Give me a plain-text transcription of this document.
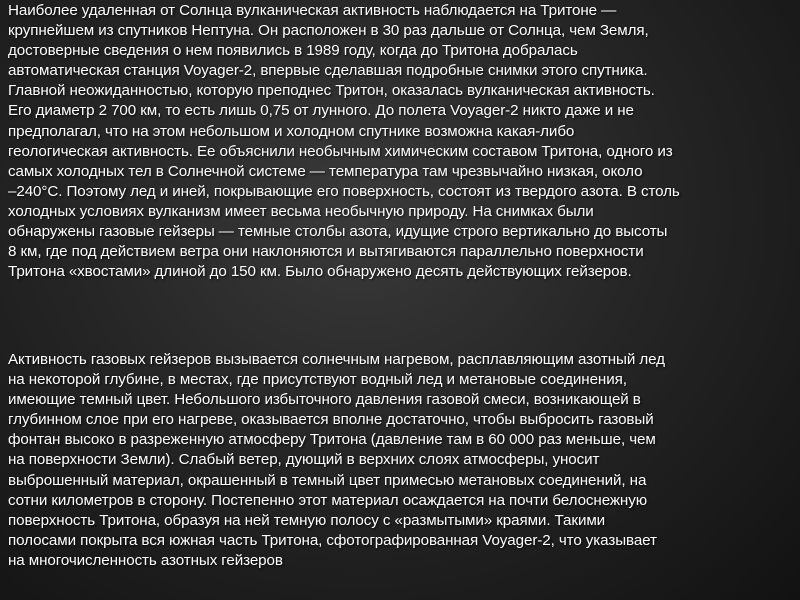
Наиболее удаленная от Солнца вулканическая активность наблюдается на Тритоне —
крупнейшем из спутников Нептуна. Он расположен в 30 раз дальше от Солнца, чем Земля,
достоверные сведения о нем появились в 1989 году, когда до Тритона добралась
автоматическая станция Voyager-2, впервые сделавшая подробные снимки этого спутника.
Главной неожиданностью, которую преподнес Тритон, оказалась вулканическая активность.
Его диаметр 2 700 км, то есть лишь 0,75 от лунного. До полета Voyager-2 никто даже и не
предполагал, что на этом небольшом и холодном спутнике возможна какая-либо
геологическая активность. Ее объяснили необычным химическим составом Тритона, одного из
самых холодных тел в Солнечной системе — температура там чрезвычайно низкая, около
–240°С. Поэтому лед и иней, покрывающие его поверхность, состоят из твердого азота. В столь
холодных условиях вулканизм имеет весьма необычную природу. На снимках были
обнаружены газовые гейзеры — темные столбы азота, идущие строго вертикально до высоты
8 км, где под действием ветра они наклоняются и вытягиваются параллельно поверхности
Тритона «хвостами» длиной до 150 км. Было обнаружено десять действующих гейзеров.

Активность газовых гейзеров вызывается солнечным нагревом, расплавляющим азотный лед
на некоторой глубине, в местах, где присутствуют водный лед и метановые соединения,
имеющие темный цвет. Небольшого избыточного давления газовой смеси, возникающей в
глубинном слое при его нагреве, оказывается вполне достаточно, чтобы выбросить газовый
фонтан высоко в разреженную атмосферу Тритона (давление там в 60 000 раз меньше, чем
на поверхности Земли). Слабый ветер, дующий в верхних слоях атмосферы, уносит
выброшенный материал, окрашенный в темный цвет примесью метановых соединений, на
сотни километров в сторону. Постепенно этот материал осаждается на почти белоснежную
поверхность Тритона, образуя на ней темную полосу с «размытыми» краями. Такими
полосами покрыта вся южная часть Тритона, сфотографированная Voyager-2, что указывает
на многочисленность азотных гейзеров
